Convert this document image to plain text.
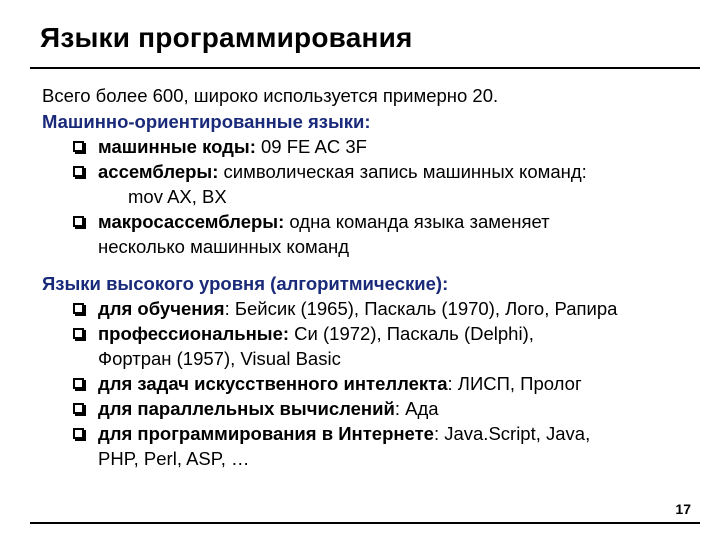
Языки программирования
Всего более 600, широко используется примерно 20.
Машинно-ориентированные языки:
машинные коды: 09 FE AC 3F
ассемблеры: символическая запись машинных команд:
mov AX, BX
макросассемблеры: одна команда языка заменяет
несколько машинных команд
Языки высокого уровня (алгоритмические):
для обучения: Бейсик (1965), Паскаль (1970), Лого, Рапира
профессиональные: Си (1972), Паскаль (Delphi),
Фортран (1957), Visual Basic
для задач искусственного интеллекта: ЛИСП, Пролог
для параллельных вычислений: Ада
для программирования в Интернете: Java.Script, Java,
PHP, Perl, ASP, …
17
